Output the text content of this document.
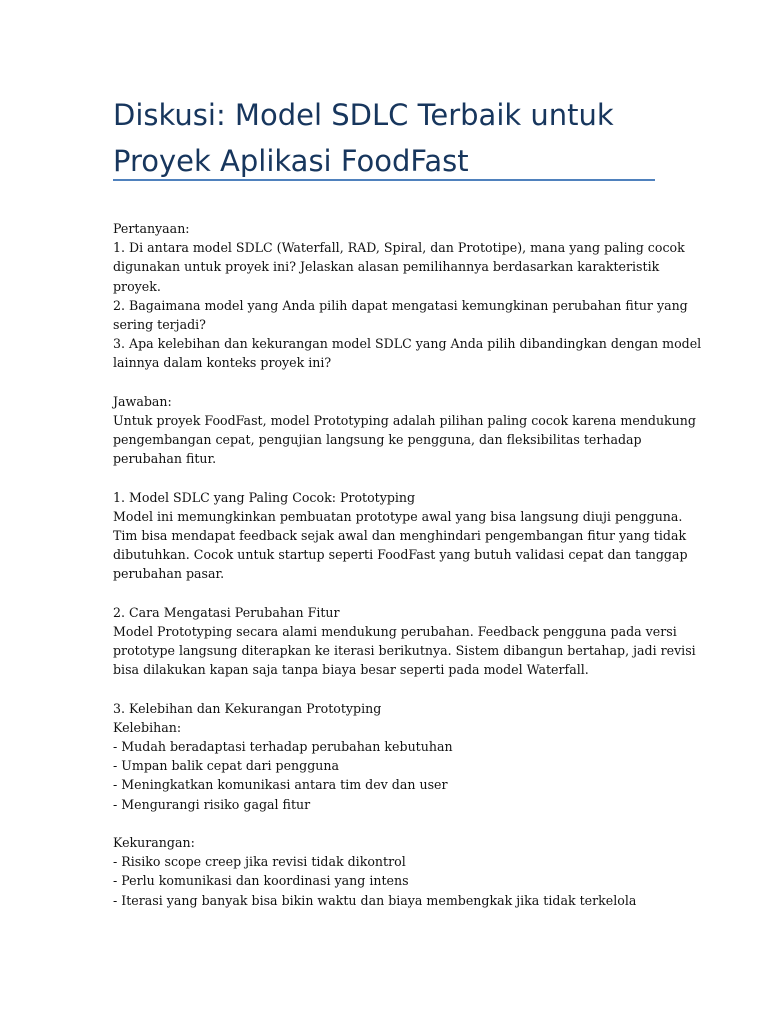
Diskusi: Model SDLC Terbaik untuk
Proyek Aplikasi FoodFast
Pertanyaan:
1. Di antara model SDLC (Waterfall, RAD, Spiral, dan Prototipe), mana yang paling cocok
digunakan untuk proyek ini? Jelaskan alasan pemilihannya berdasarkan karakteristik
proyek.
2. Bagaimana model yang Anda pilih dapat mengatasi kemungkinan perubahan fitur yang
sering terjadi?
3. Apa kelebihan dan kekurangan model SDLC yang Anda pilih dibandingkan dengan model
lainnya dalam konteks proyek ini?
Jawaban:
Untuk proyek FoodFast, model Prototyping adalah pilihan paling cocok karena mendukung
pengembangan cepat, pengujian langsung ke pengguna, dan fleksibilitas terhadap
perubahan fitur.
1. Model SDLC yang Paling Cocok: Prototyping
Model ini memungkinkan pembuatan prototype awal yang bisa langsung diuji pengguna.
Tim bisa mendapat feedback sejak awal dan menghindari pengembangan fitur yang tidak
dibutuhkan. Cocok untuk startup seperti FoodFast yang butuh validasi cepat dan tanggap
perubahan pasar.
2. Cara Mengatasi Perubahan Fitur
Model Prototyping secara alami mendukung perubahan. Feedback pengguna pada versi
prototype langsung diterapkan ke iterasi berikutnya. Sistem dibangun bertahap, jadi revisi
bisa dilakukan kapan saja tanpa biaya besar seperti pada model Waterfall.
3. Kelebihan dan Kekurangan Prototyping
Kelebihan:
- Mudah beradaptasi terhadap perubahan kebutuhan
- Umpan balik cepat dari pengguna
- Meningkatkan komunikasi antara tim dev dan user
- Mengurangi risiko gagal fitur
Kekurangan:
- Risiko scope creep jika revisi tidak dikontrol
- Perlu komunikasi dan koordinasi yang intens
- Iterasi yang banyak bisa bikin waktu dan biaya membengkak jika tidak terkelola
